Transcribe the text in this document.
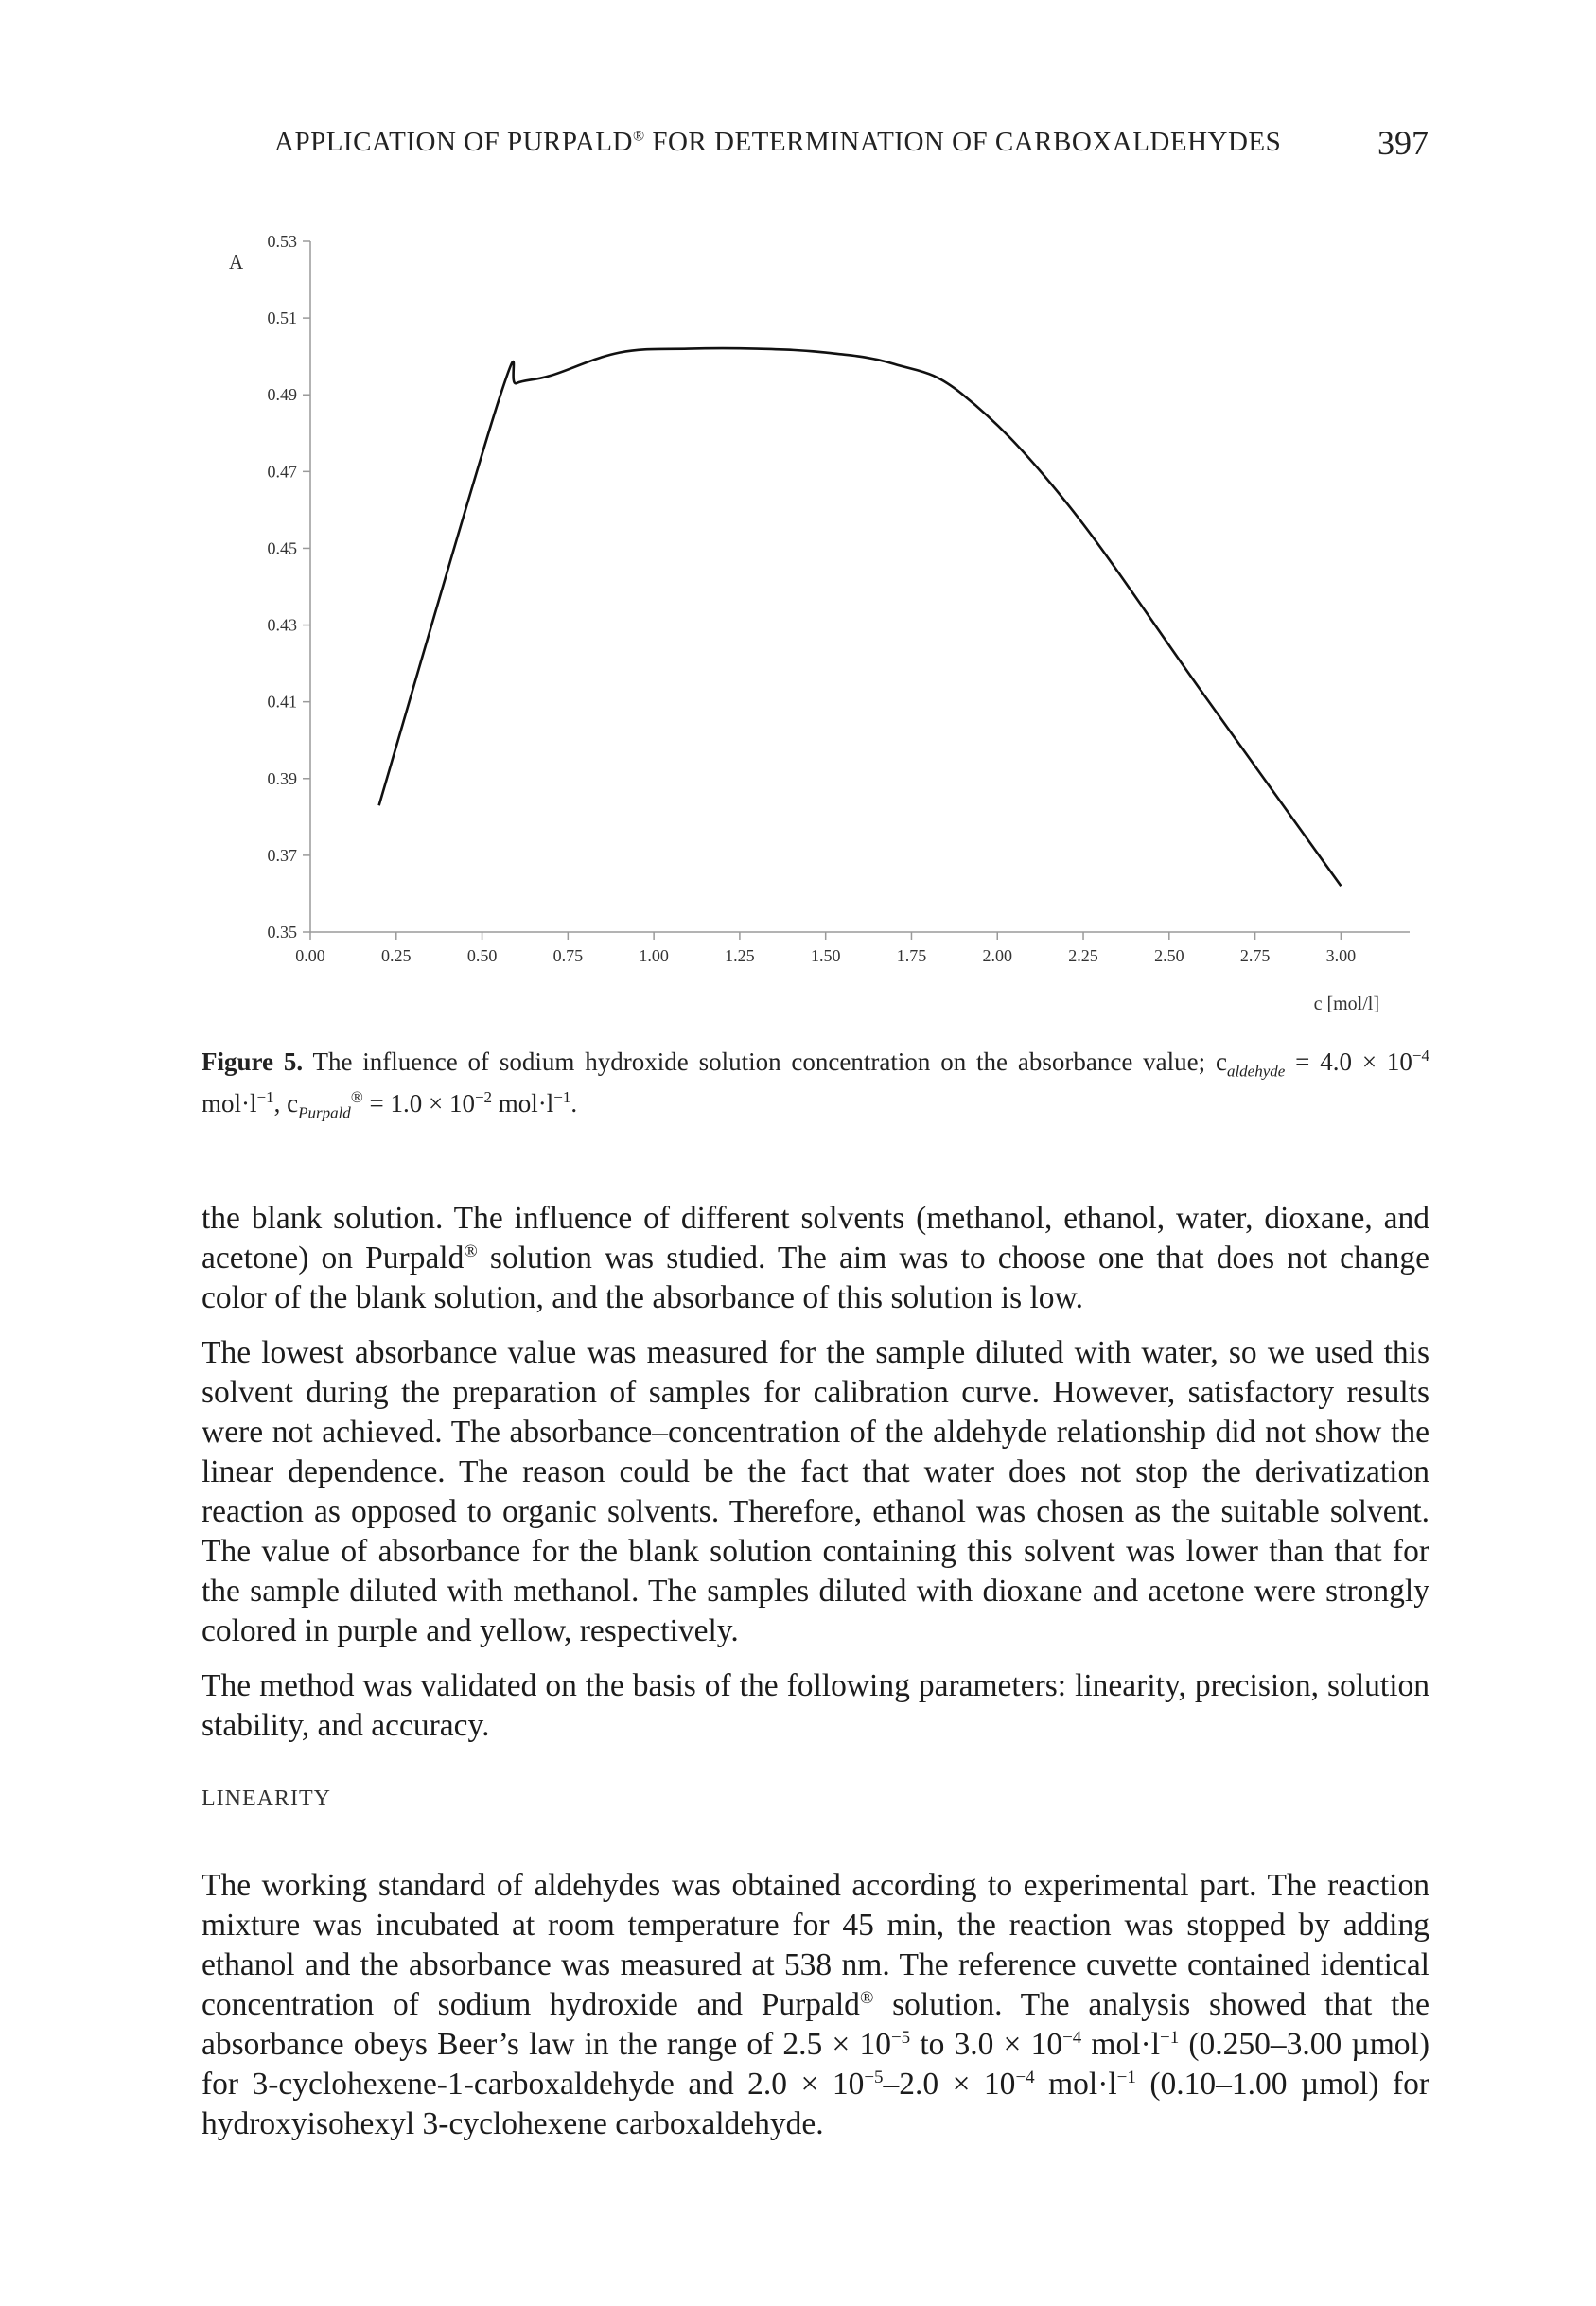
APPLICATION OF PURPALD® FOR DETERMINATION OF CARBOXALDEHYDES	397
0.53
0.51
0.49
0.47
0.45
0.43
0.41
0.39
0.37
0.35
0.00	0.25	0.50	0.75	1.00	1.25	1.50	1.75	2.00	2.25	2.50	2.75	3.00
A
c [mol/l]
Figure 5. The influence of sodium hydroxide solution concentration on the absorbance value; $c_{aldehyde} = 4.0 \times 10^{-4}$ $mol\cdot l^{-1}$, $c_{Purpald}® = 1.0 \times 10^{-2}$ $mol\cdot l^{-1}$.
the blank solution. The influence of different solvents (methanol, ethanol, water, dioxane, and acetone) on Purpald® solution was studied. The aim was to choose one that does not change color of the blank solution, and the absorbance of this solution is low.
The lowest absorbance value was measured for the sample diluted with water, so we used this solvent during the preparation of samples for calibration curve. However, satisfactory results were not achieved. The absorbance–concentration of the aldehyde relationship did not show the linear dependence. The reason could be the fact that water does not stop the derivatization reaction as opposed to organic solvents. Therefore, ethanol was chosen as the suitable solvent. The value of absorbance for the blank solution containing this solvent was lower than that for the sample diluted with methanol. The samples diluted with dioxane and acetone were strongly colored in purple and yellow, respectively.
The method was validated on the basis of the following parameters: linearity, precision, solution stability, and accuracy.
LINEARITY
The working standard of aldehydes was obtained according to experimental part. The reaction mixture was incubated at room temperature for 45 min, the reaction was stopped by adding ethanol and the absorbance was measured at 538 nm. The reference cuvette contained identical concentration of sodium hydroxide and Purpald® solution. The analysis showed that the absorbance obeys Beer’s law in the range of $2.5 \times 10^{-5}$ to $3.0 \times 10^{-4}$ $mol\cdot l^{-1}$ (0.250–3.00 µmol) for 3-cyclohexene-1-carboxaldehyde and $2.0 \times 10^{-5}-2.0 \times 10^{-4}$ $mol\cdot l^{-1}$ (0.10–1.00 µmol) for hydroxyisohexyl 3-cyclohexene carboxaldehyde.
